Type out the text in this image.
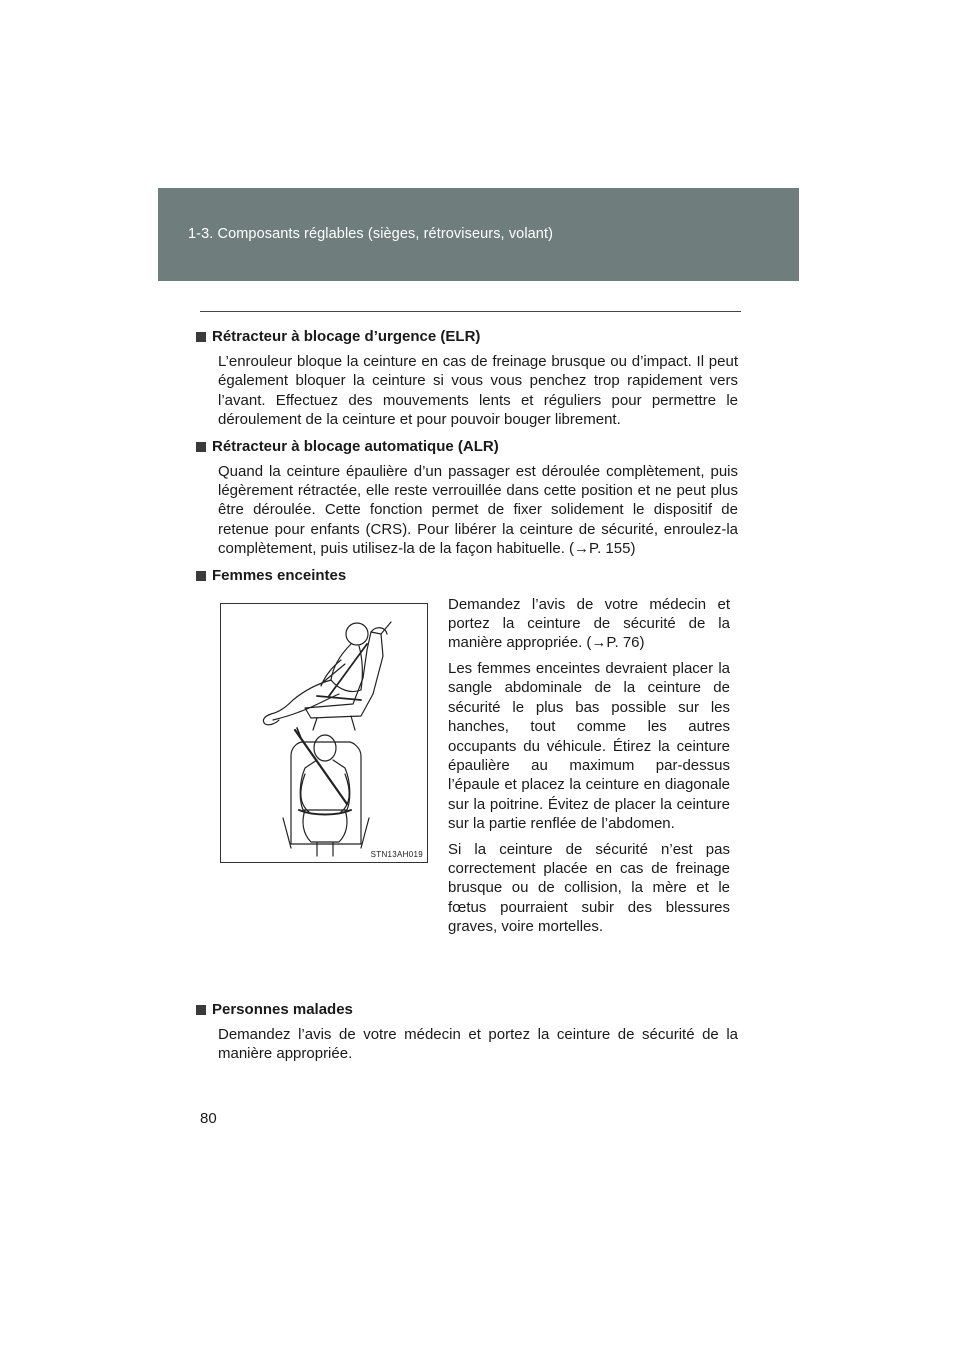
1-3. Composants réglables (sièges, rétroviseurs, volant)
Rétracteur à blocage d’urgence (ELR)

L’enrouleur bloque la ceinture en cas de freinage brusque ou d’impact. Il peut également bloquer la ceinture si vous vous penchez trop rapidement vers l’avant. Effectuez des mouvements lents et réguliers pour permettre le déroulement de la ceinture et pour pouvoir bouger librement.

Rétracteur à blocage automatique (ALR)

Quand la ceinture épaulière d’un passager est déroulée complètement, puis légèrement rétractée, elle reste verrouillée dans cette position et ne peut plus être déroulée. Cette fonction permet de fixer solidement le dispositif de retenue pour enfants (CRS). Pour libérer la ceinture de sécurité, enroulez-la complètement, puis utilisez-la de la façon habituelle. (→P. 155)

Femmes enceintes
STN13AH019

Demandez l’avis de votre médecin et portez la ceinture de sécurité de la manière appropriée. (→P. 76)

Les femmes enceintes devraient placer la sangle abdominale de la ceinture de sécurité le plus bas possible sur les hanches, tout comme les autres occupants du véhicule. Étirez la ceinture épaulière au maximum par-dessus l’épaule et placez la ceinture en diagonale sur la poitrine. Évitez de placer la ceinture sur la partie renflée de l’abdomen.

Si la ceinture de sécurité n’est pas correctement placée en cas de freinage brusque ou de collision, la mère et le fœtus pourraient subir des blessures graves, voire mortelles.

Personnes malades

Demandez l’avis de votre médecin et portez la ceinture de sécurité de la manière appropriée.

80
